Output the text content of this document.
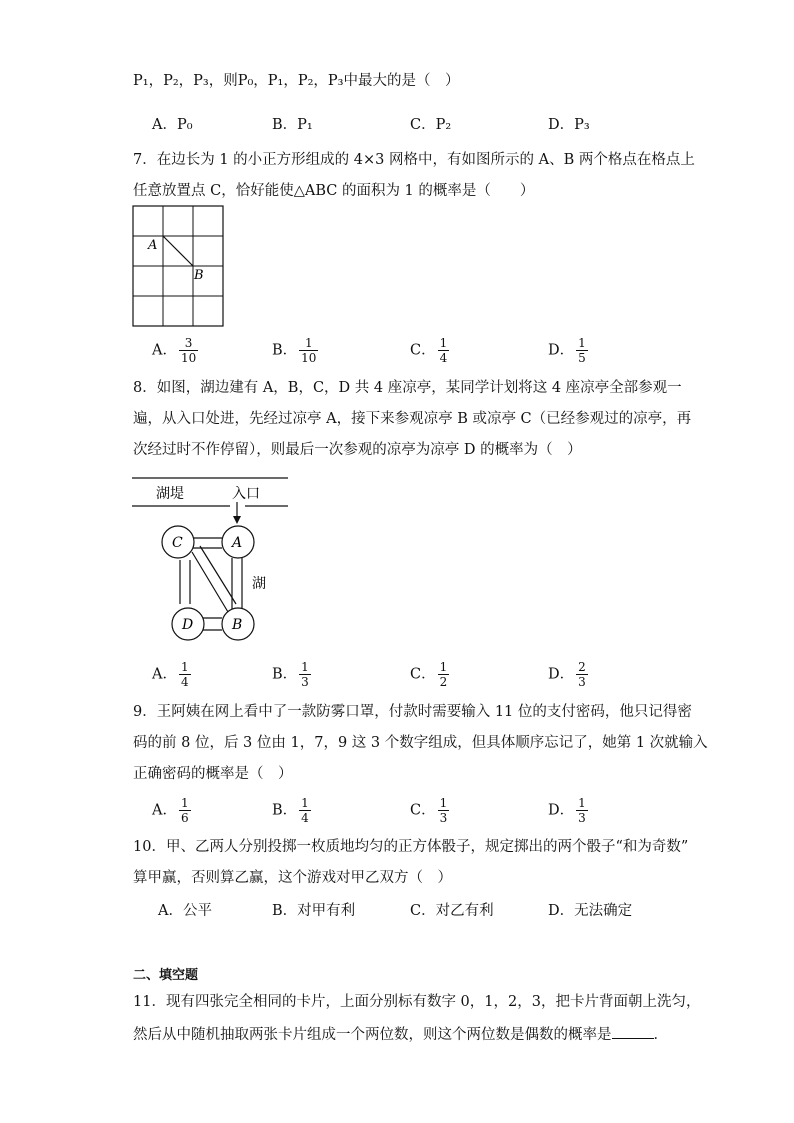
P₁，P₂，P₃，则P₀，P₁，P₂，P₃中最大的是（　）
A．P₀	B．P₁	C．P₂	D．P₃
7．在边长为 1 的小正方形组成的 4×3 网格中，有如图所示的 A、B 两个格点在格点上
任意放置点 C，恰好能使△ABC 的面积为 1 的概率是（　　）
A
B
A． $\frac{3}{10}$	B． $\frac{1}{10}$	C． $\frac{1}{4}$	D． $\frac{1}{5}$
8．如图，湖边建有 A，B，C，D 共 4 座凉亭，某同学计划将这 4 座凉亭全部参观一
遍，从入口处进，先经过凉亭 A，接下来参观凉亭 B 或凉亭 C（已经参观过的凉亭，再
次经过时不作停留），则最后一次参观的凉亭为凉亭 D 的概率为（　）
湖堤	入口
C	A
D	B
湖
A． $\frac{1}{4}$	B． $\frac{1}{3}$	C． $\frac{1}{2}$	D． $\frac{2}{3}$
9．王阿姨在网上看中了一款防雾口罩，付款时需要输入 11 位的支付密码，他只记得密
码的前 8 位，后 3 位由 1，7，9 这 3 个数字组成，但具体顺序忘记了，她第 1 次就输入
正确密码的概率是（　）
A． $\frac{1}{6}$	B． $\frac{1}{4}$	C． $\frac{1}{3}$	D． $\frac{1}{3}$
10．甲、乙两人分别投掷一枚质地均匀的正方体骰子，规定掷出的两个骰子“和为奇数”
算甲赢，否则算乙赢，这个游戏对甲乙双方（　）
A．公平	B．对甲有利	C．对乙有利	D．无法确定
二、填空题
11．现有四张完全相同的卡片，上面分别标有数字 0，1，2，3，把卡片背面朝上洗匀，
然后从中随机抽取两张卡片组成一个两位数，则这个两位数是偶数的概率是	．
